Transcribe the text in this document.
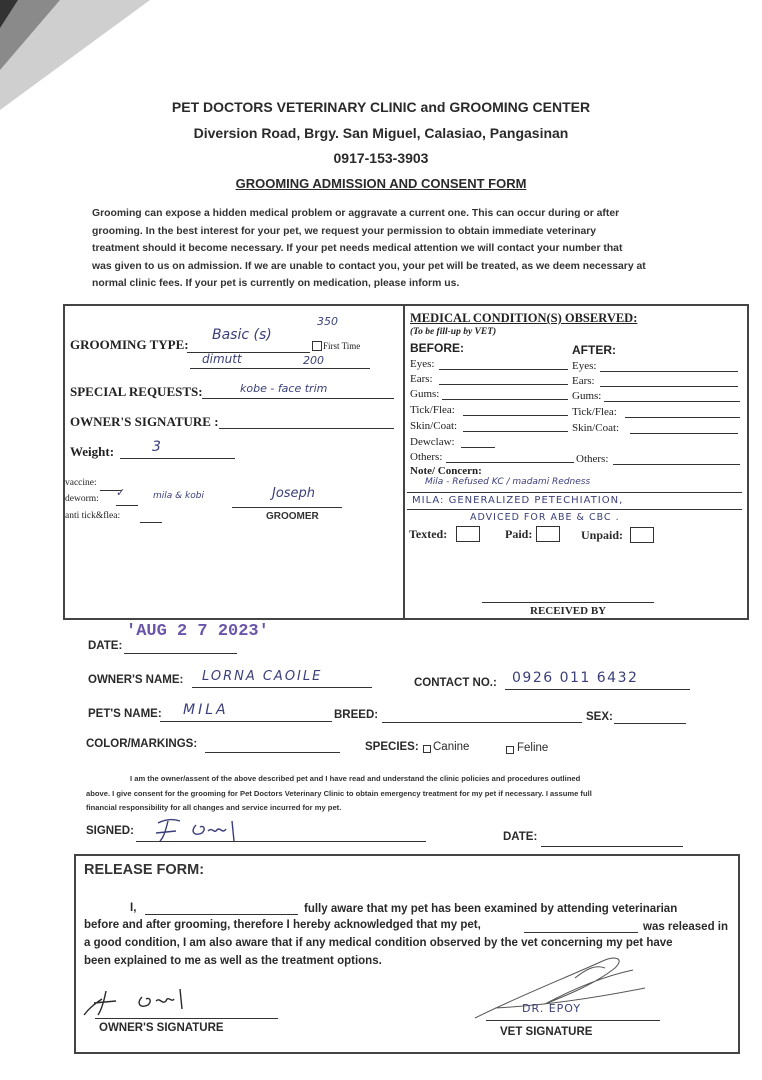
PET DOCTORS VETERINARY CLINIC and GROOMING CENTER
Diversion Road, Brgy. San Miguel, Calasiao, Pangasinan
0917-153-3903
GROOMING ADMISSION AND CONSENT FORM
Grooming can expose a hidden medical problem or aggravate a current one. This can occur during or after
grooming. In the best interest for your pet, we request your permission to obtain immediate veterinary
treatment should it become necessary. If your pet needs medical attention we will contact your number that
was given to us on admission. If we are unable to contact you, your pet will be treated, as we deem necessary at
normal clinic fees. If your pet is currently on medication, please inform us.
GROOMING TYPE:
Basic (s)
350
First Time
dimutt	200
SPECIAL REQUESTS:	kobe - face trim
OWNER'S SIGNATURE :
Weight:	3
vaccine:
deworm: ✓	mila & kobi
anti tick&flea:
Joseph
GROOMER
MEDICAL CONDITION(S) OBSERVED:
(To be fill-up by VET)
BEFORE:	AFTER:
Eyes:	Eyes:
Ears:	Ears:
Gums:	Gums:
Tick/Flea:	Tick/Flea:
Skin/Coat:	Skin/Coat:
Dewclaw:
Others:	Others:
Note/ Concern:
Mila - Refused KC / madami Redness
MILA: GENERALIZED PETECHIATION,
ADVICED FOR ABE & CBC .
Texted:	Paid:	Unpaid:
RECEIVED BY
'AUG 2 7 2023'
DATE:
OWNER'S NAME: LORNA CAOILE	CONTACT NO.: 0926 011 6432
PET'S NAME: MILA	BREED:	SEX:
COLOR/MARKINGS:	SPECIES: Canine	Feline
I am the owner/assent of the above described pet and I have read and understand the clinic policies and procedures outlined
above. I give consent for the grooming for Pet Doctors Veterinary Clinic to obtain emergency treatment for my pet if necessary. I assume full
financial responsibility for all changes and service incurred for my pet.
SIGNED:	DATE:
RELEASE FORM:
I,	fully aware that my pet has been examined by attending veterinarian
before and after grooming, therefore I hereby acknowledged that my pet,	was released in
a good condition, I am also aware that if any medical condition observed by the vet concerning my pet have
been explained to me as well as the treatment options.
OWNER'S SIGNATURE
DR. EPOY
VET SIGNATURE
